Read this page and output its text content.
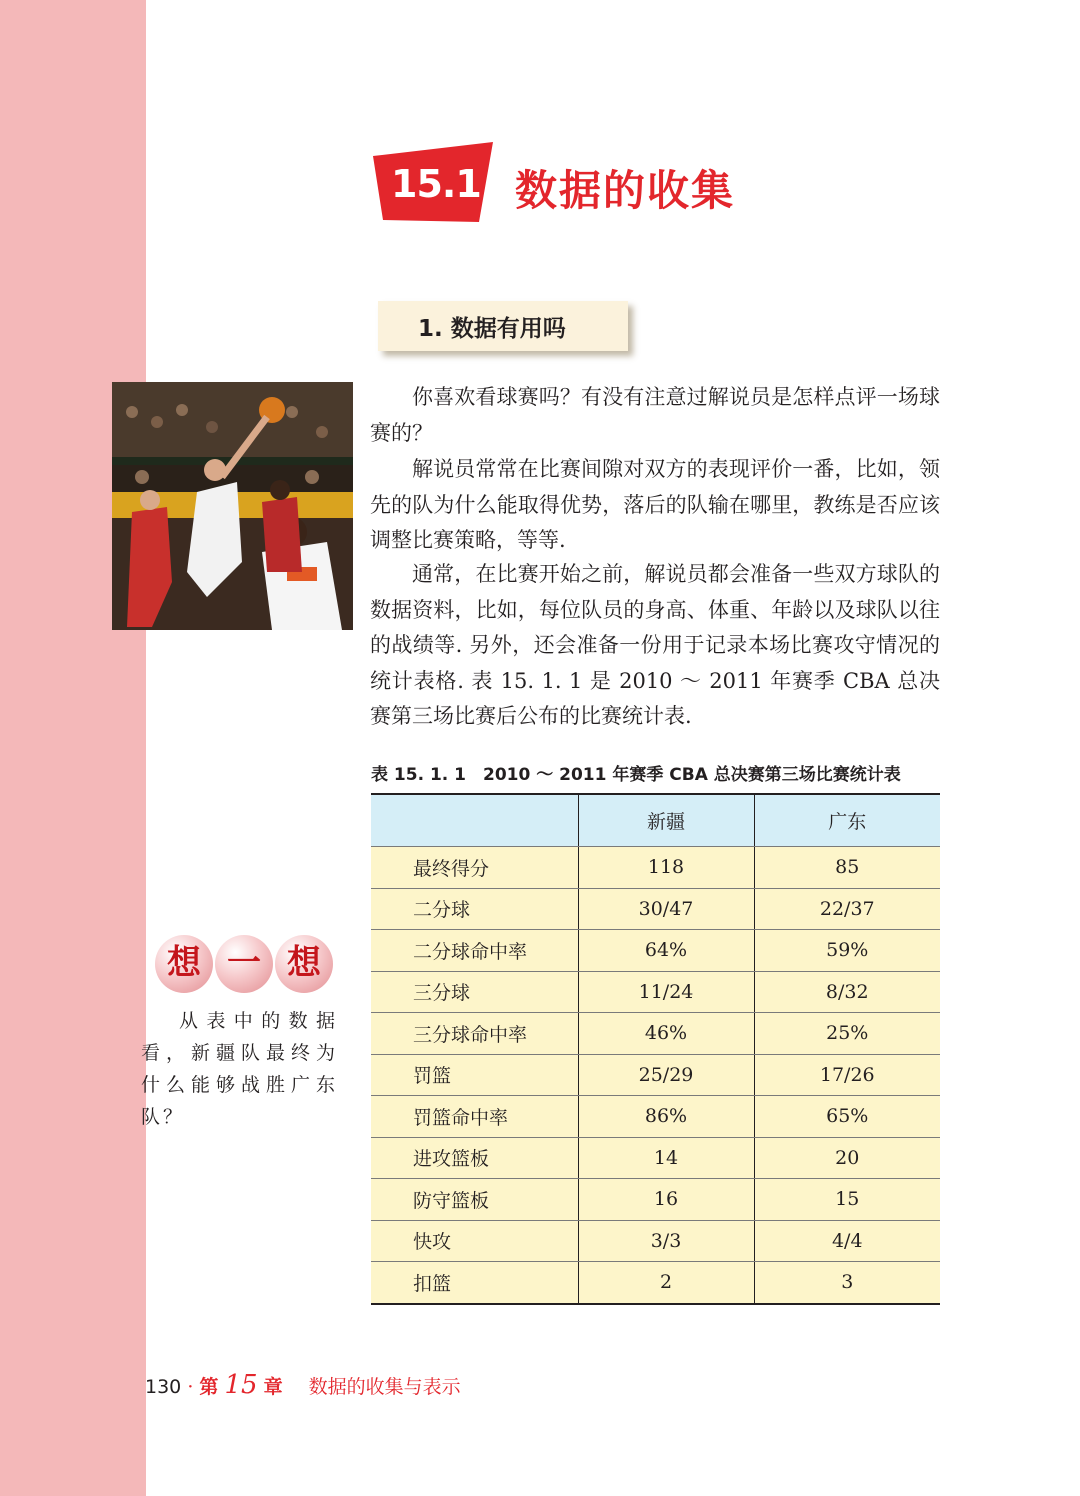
15.1 数据的收集
1. 数据有用吗

你喜欢看球赛吗？有没有注意过解说员是怎样点评一场球赛的？

解说员常常在比赛间隙对双方的表现评价一番，比如，领先的队为什么能取得优势，落后的队输在哪里，教练是否应该调整比赛策略，等等.

通常，在比赛开始之前，解说员都会准备一些双方球队的数据资料，比如，每位队员的身高、体重、年龄以及球队以往的战绩等. 另外，还会准备一份用于记录本场比赛攻守情况的统计表格. 表 15. 1. 1 是 2010 ～ 2011 年赛季 CBA 总决赛第三场比赛后公布的比赛统计表.

表 15. 1. 1　2010 ～ 2011 年赛季 CBA 总决赛第三场比赛统计表
	新疆	广东
最终得分	118	85
二分球	30/47	22/37
二分球命中率	64%	59%
三分球	11/24	8/32
三分球命中率	46%	25%
罚篮	25/29	17/26
罚篮命中率	86%	65%
进攻篮板	14	20
防守篮板	16	15
快攻	3/3	4/4
扣篮	2	3
想 一 想

从表中的数据看，新疆队最终为什么能够战胜广东队？

130 · 第 15 章 数据的收集与表示
